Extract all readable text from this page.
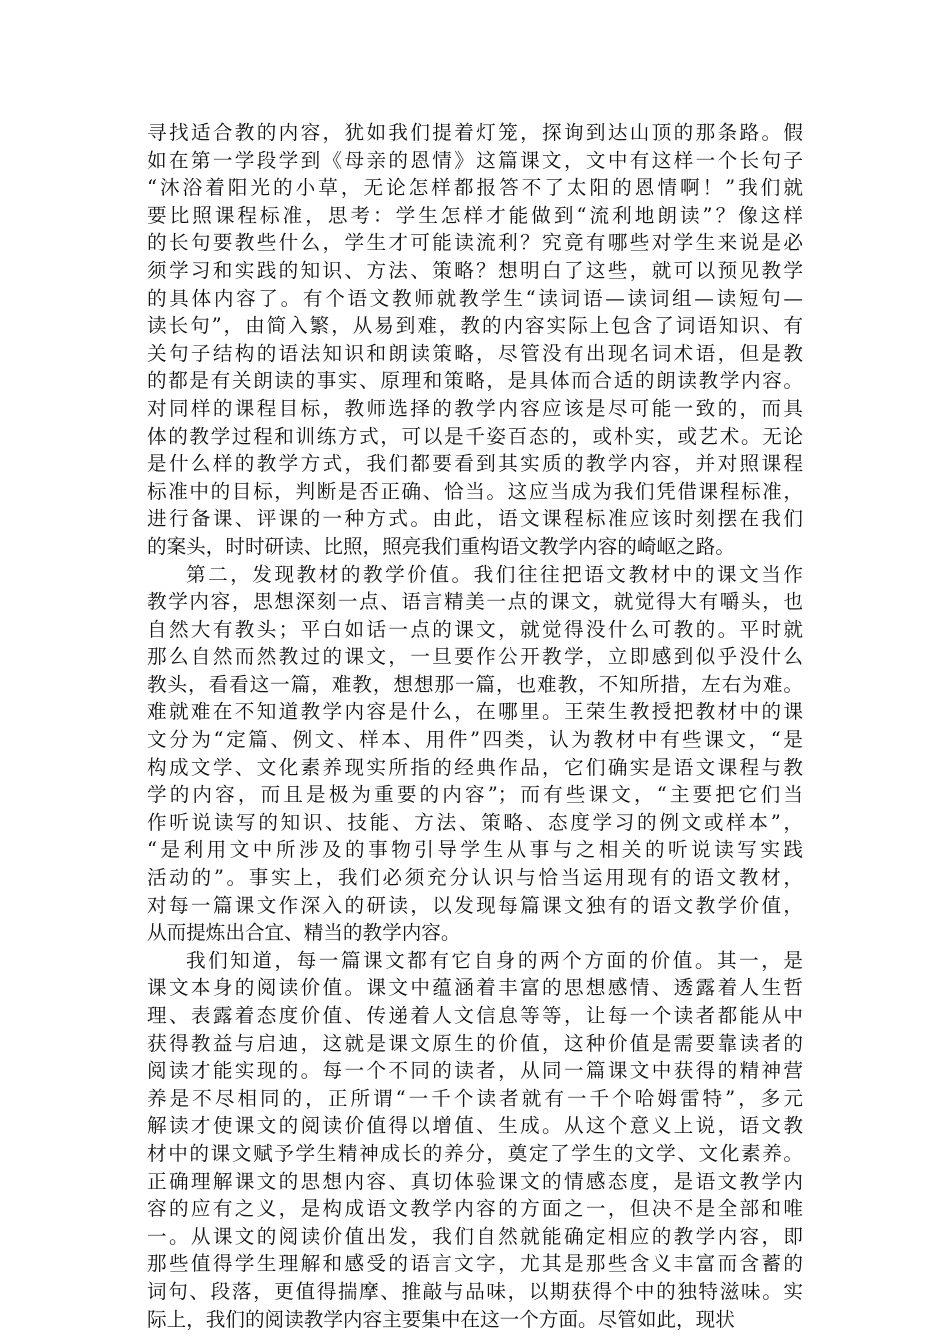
寻找适合教的内容，犹如我们提着灯笼，探询到达山顶的那条路。假
如在第一学段学到《母亲的恩情》这篇课文，文中有这样一个长句子
“沐浴着阳光的小草，无论怎样都报答不了太阳的恩情啊！”我们就
要比照课程标准，思考：学生怎样才能做到“流利地朗读”？像这样
的长句要教些什么，学生才可能读流利？究竟有哪些对学生来说是必
须学习和实践的知识、方法、策略？想明白了这些，就可以预见教学
的具体内容了。有个语文教师就教学生“读词语—读词组—读短句—
读长句”，由简入繁，从易到难，教的内容实际上包含了词语知识、有
关句子结构的语法知识和朗读策略，尽管没有出现名词术语，但是教
的都是有关朗读的事实、原理和策略，是具体而合适的朗读教学内容。
对同样的课程目标，教师选择的教学内容应该是尽可能一致的，而具
体的教学过程和训练方式，可以是千姿百态的，或朴实，或艺术。无论
是什么样的教学方式，我们都要看到其实质的教学内容，并对照课程
标准中的目标，判断是否正确、恰当。这应当成为我们凭借课程标准，
进行备课、评课的一种方式。由此，语文课程标准应该时刻摆在我们
的案头，时时研读、比照，照亮我们重构语文教学内容的崎岖之路。
第二，发现教材的教学价值。我们往往把语文教材中的课文当作
教学内容，思想深刻一点、语言精美一点的课文，就觉得大有嚼头，也
自然大有教头；平白如话一点的课文，就觉得没什么可教的。平时就
那么自然而然教过的课文，一旦要作公开教学，立即感到似乎没什么
教头，看看这一篇，难教，想想那一篇，也难教，不知所措，左右为难。
难就难在不知道教学内容是什么，在哪里。王荣生教授把教材中的课
文分为“定篇、例文、样本、用件”四类，认为教材中有些课文，“是
构成文学、文化素养现实所指的经典作品，它们确实是语文课程与教
学的内容，而且是极为重要的内容”；而有些课文，“主要把它们当
作听说读写的知识、技能、方法、策略、态度学习的例文或样本”，
“是利用文中所涉及的事物引导学生从事与之相关的听说读写实践
活动的”。事实上，我们必须充分认识与恰当运用现有的语文教材，
对每一篇课文作深入的研读，以发现每篇课文独有的语文教学价值，
从而提炼出合宜、精当的教学内容。
我们知道，每一篇课文都有它自身的两个方面的价值。其一，是
课文本身的阅读价值。课文中蕴涵着丰富的思想感情、透露着人生哲
理、表露着态度价值、传递着人文信息等等，让每一个读者都能从中
获得教益与启迪，这就是课文原生的价值，这种价值是需要靠读者的
阅读才能实现的。每一个不同的读者，从同一篇课文中获得的精神营
养是不尽相同的，正所谓“一千个读者就有一千个哈姆雷特”，多元
解读才使课文的阅读价值得以增值、生成。从这个意义上说，语文教
材中的课文赋予学生精神成长的养分，奠定了学生的文学、文化素养。
正确理解课文的思想内容、真切体验课文的情感态度，是语文教学内
容的应有之义，是构成语文教学内容的方面之一，但决不是全部和唯
一。从课文的阅读价值出发，我们自然就能确定相应的教学内容，即
那些值得学生理解和感受的语言文字，尤其是那些含义丰富而含蓄的
词句、段落，更值得揣摩、推敲与品味，以期获得个中的独特滋味。实
际上，我们的阅读教学内容主要集中在这一个方面。尽管如此，现状
